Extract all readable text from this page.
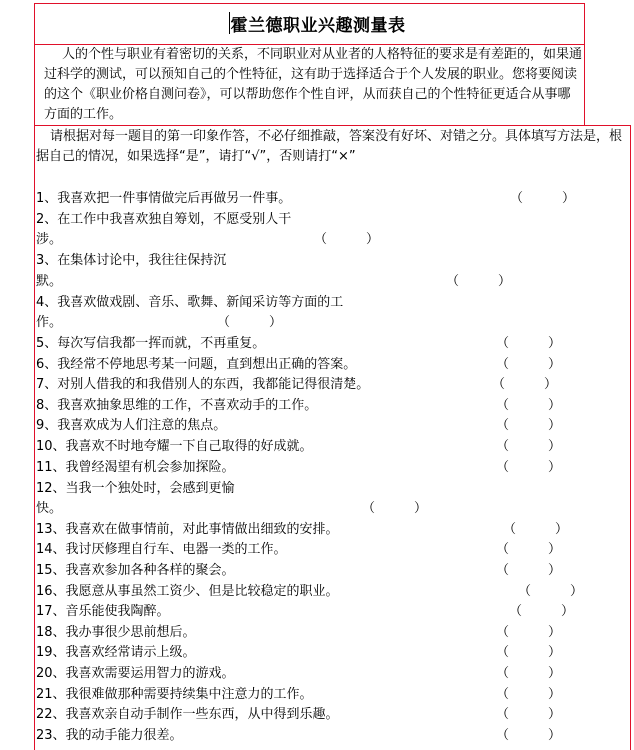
霍兰德职业兴趣测量表

人的个性与职业有着密切的关系，不同职业对从业者的人格特征的要求是有差距的，如果通过科学的测试，可以预知自己的个性特征，这有助于选择适合于个人发展的职业。您将要阅读的这个《职业价格自测问卷》，可以帮助您作个性自评，从而获自己的个性特征更适合从事哪方面的工作。

请根据对每一题目的第一印象作答，不必仔细推敲，答案没有好坏、对错之分。具体填写方法是，根据自己的情况，如果选择“是”，请打“√”，否则请打“×”

1、我喜欢把一件事情做完后再做另一件事。	（　　　）
2、在工作中我喜欢独自筹划，不愿受别人干
涉。	（　　　）
3、在集体讨论中，我往往保持沉
默。	（　　　）
4、我喜欢做戏剧、音乐、歌舞、新闻采访等方面的工
作。	（　　　）
5、每次写信我都一挥而就，不再重复。	（　　　）
6、我经常不停地思考某一问题，直到想出正确的答案。	（　　　）
7、对别人借我的和我借别人的东西，我都能记得很清楚。	（　　　）
8、我喜欢抽象思维的工作，不喜欢动手的工作。	（　　　）
9、我喜欢成为人们注意的焦点。	（　　　）
10、我喜欢不时地夸耀一下自己取得的好成就。	（　　　）
11、我曾经渴望有机会参加探险。	（　　　）
12、当我一个独处时，会感到更愉
快。	（　　　）
13、我喜欢在做事情前，对此事情做出细致的安排。	（　　　）
14、我讨厌修理自行车、电器一类的工作。	（　　　）
15、我喜欢参加各种各样的聚会。	（　　　）
16、我愿意从事虽然工资少、但是比较稳定的职业。	（　　　）
17、音乐能使我陶醉。	（　　　）
18、我办事很少思前想后。	（　　　）
19、我喜欢经常请示上级。	（　　　）
20、我喜欢需要运用智力的游戏。	（　　　）
21、我很难做那种需要持续集中注意力的工作。	（　　　）
22、我喜欢亲自动手制作一些东西，从中得到乐趣。	（　　　）
23、我的动手能力很差。	（　　　）
